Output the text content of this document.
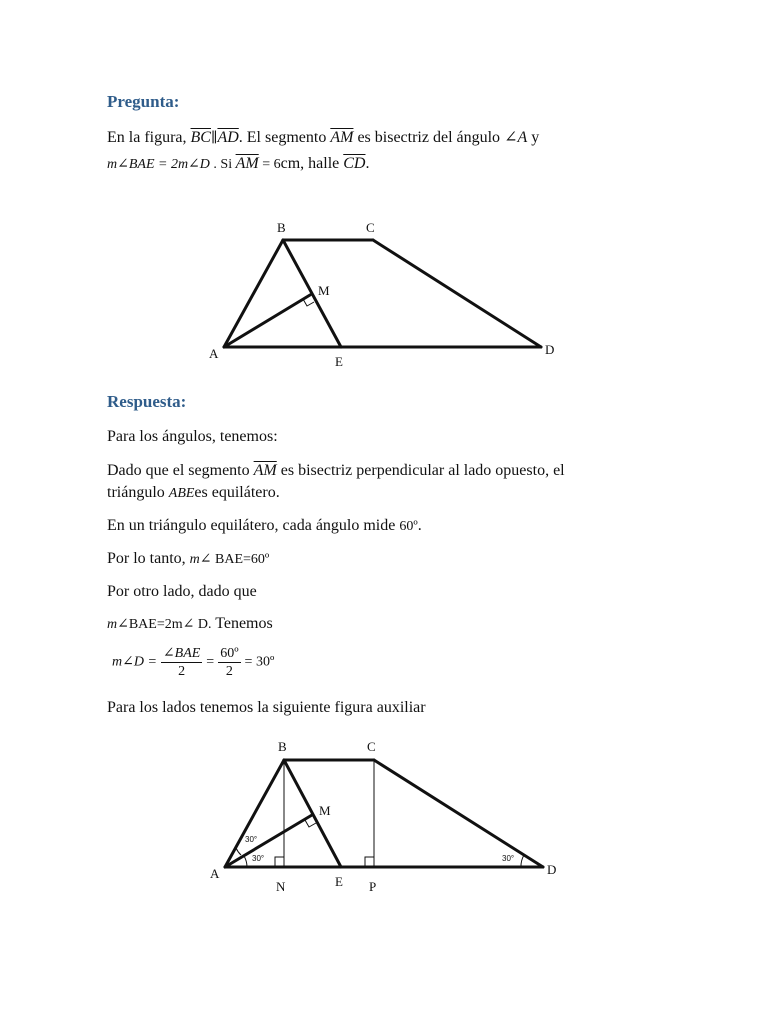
Pregunta:
En la figura, $\overline{BC}\parallel\overline{AD}$. El segmento $\overline{AM}$ es bisectriz del ángulo ∠A y
m∠BAE = 2m∠D . Si $\overline{AM} = 6cm$, halle $\overline{CD}$.
B	C
M
A
E
D
Respuesta:
Para los ángulos, tenemos:
Dado que el segmento $\overline{AM}$ es bisectriz perpendicular al lado opuesto, el
triángulo ABEes equilátero.
En un triángulo equilátero, cada ángulo mide 60º.
Por lo tanto, m∠ BAE=60º
Por otro lado, dado que
m∠BAE=2m∠ D. Tenemos
m∠D = $\frac{\text{∠BAE}}{2} = \frac{\text{60º}}{2}$ = 30º
Para los lados tenemos la siguiente figura auxiliar
30°
30°	30°
B	C
M
A
N	E P
D
